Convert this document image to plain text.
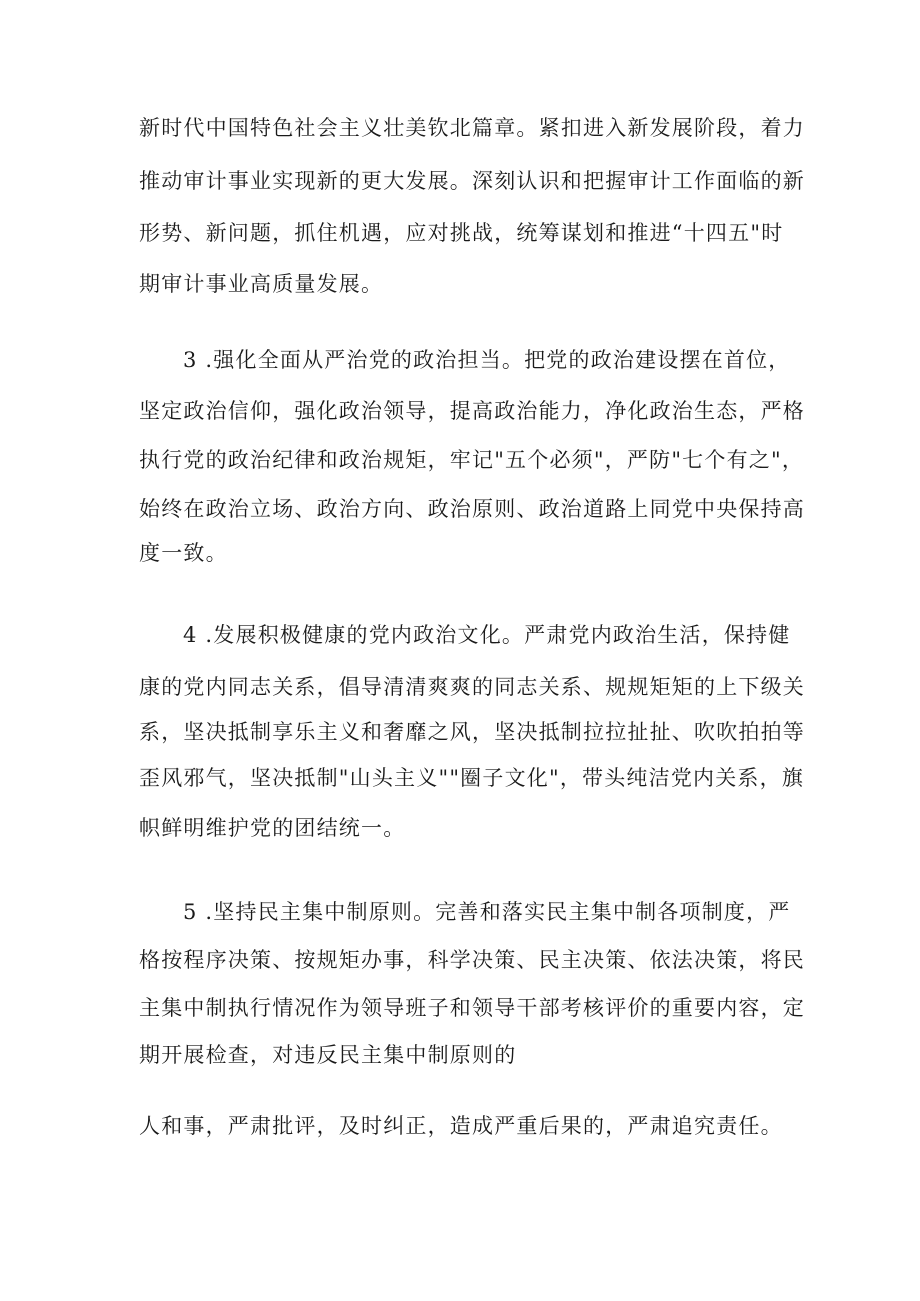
新时代中国特色社会主义壮美钦北篇章。紧扣进入新发展阶段，着力
推动审计事业实现新的更大发展。深刻认识和把握审计工作面临的新
形势、新问题，抓住机遇，应对挑战，统筹谋划和推进“十四五"时
期审计事业高质量发展。
3 .强化全面从严治党的政治担当。把党的政治建设摆在首位，
坚定政治信仰，强化政治领导，提高政治能力，净化政治生态，严格
执行党的政治纪律和政治规矩，牢记"五个必须"，严防"七个有之"，
始终在政治立场、政治方向、政治原则、政治道路上同党中央保持高
度一致。
4 .发展积极健康的党内政治文化。严肃党内政治生活，保持健
康的党内同志关系，倡导清清爽爽的同志关系、规规矩矩的上下级关
系，坚决抵制享乐主义和奢靡之风，坚决抵制拉拉扯扯、吹吹拍拍等
歪风邪气，坚决抵制"山头主义""圈子文化"，带头纯洁党内关系，旗
帜鲜明维护党的团结统一。
5 .坚持民主集中制原则。完善和落实民主集中制各项制度，严
格按程序决策、按规矩办事，科学决策、民主决策、依法决策，将民
主集中制执行情况作为领导班子和领导干部考核评价的重要内容，定
期开展检查，对违反民主集中制原则的
人和事，严肃批评，及时纠正，造成严重后果的，严肃追究责任。
